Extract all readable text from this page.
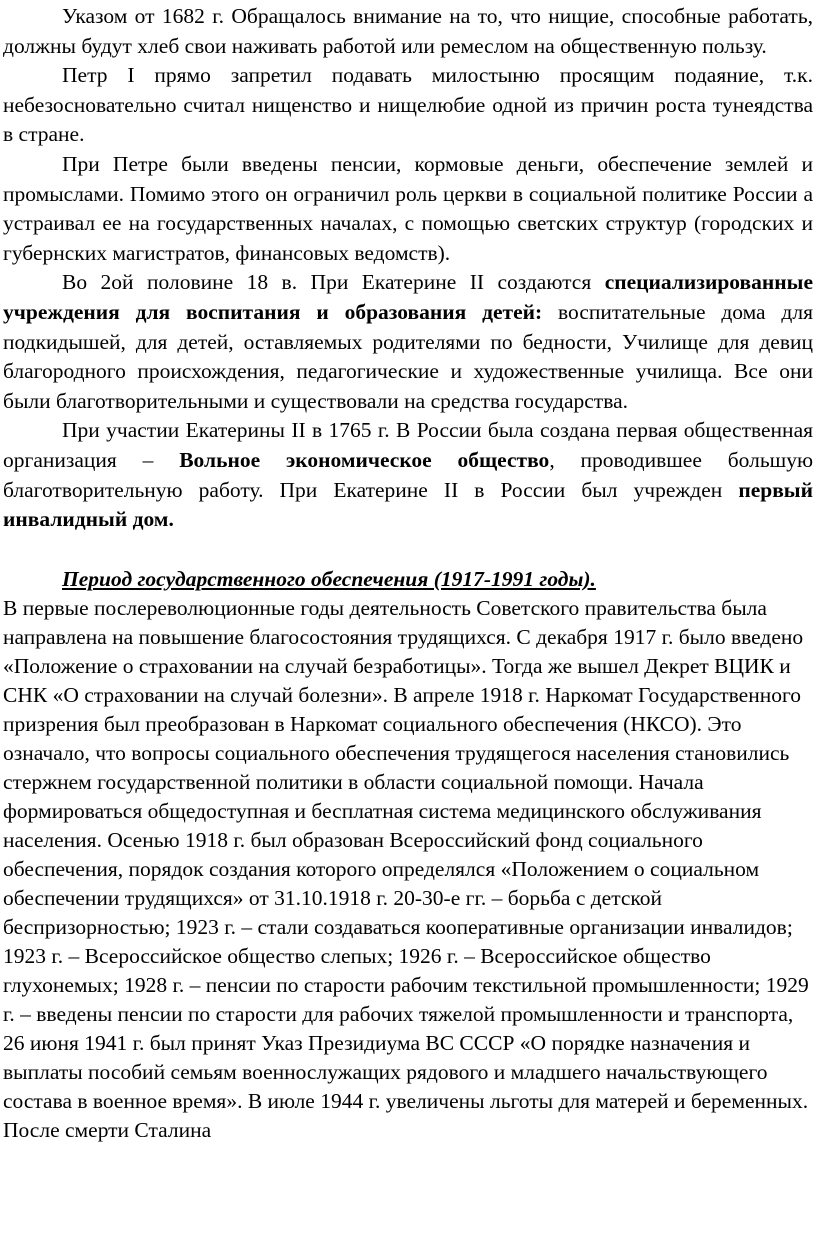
Указом от 1682 г. Обращалось внимание на то, что нищие, способные работать, должны будут хлеб свои наживать работой или ремеслом на общественную пользу.

Петр I прямо запретил подавать милостыню просящим подаяние, т.к. небезосновательно считал нищенство и нищелюбие одной из причин роста тунеядства в стране.

При Петре были введены пенсии, кормовые деньги, обеспечение землей и промыслами. Помимо этого он ограничил роль церкви в социальной политике России а устраивал ее на государственных началах, с помощью светских структур (городских и губернских магистратов, финансовых ведомств).

Во 2ой половине 18 в. При Екатерине II создаются специализированные учреждения для воспитания и образования детей: воспитательные дома для подкидышей, для детей, оставляемых родителями по бедности, Училище для девиц благородного происхождения, педагогические и художественные училища. Все они были благотворительными и существовали на средства государства.

При участии Екатерины II в 1765 г. В России была создана первая общественная организация – Вольное экономическое общество, проводившее большую благотворительную работу. При Екатерине II в России был учрежден первый инвалидный дом.

Период государственного обеспечения (1917-1991 годы).

В первые послереволюционные годы деятельность Советского правительства была направлена на повышение благосостояния трудящихся. С декабря 1917 г. было введено «Положение о страховании на случай безработицы». Тогда же вышел Декрет ВЦИК и СНК «О страховании на случай болезни». В апреле 1918 г. Наркомат Государственного призрения был преобразован в Наркомат социального обеспечения (НКСО). Это означало, что вопросы социального обеспечения трудящегося населения становились стержнем государственной политики в области социальной помощи. Начала формироваться общедоступная и бесплатная система медицинского обслуживания населения. Осенью 1918 г. был образован Всероссийский фонд социального обеспечения, порядок создания которого определялся «Положением о социальном обеспечении трудящихся» от 31.10.1918 г. 20-30-е гг. – борьба с детской беспризорностью; 1923 г. – стали создаваться кооперативные организации инвалидов; 1923 г. – Всероссийское общество слепых; 1926 г. – Всероссийское общество глухонемых; 1928 г. – пенсии по старости рабочим текстильной промышленности; 1929 г. – введены пенсии по старости для рабочих тяжелой промышленности и транспорта, 26 июня 1941 г. был принят Указ Президиума ВС СССР «О порядке назначения и выплаты пособий семьям военнослужащих рядового и младшего начальствующего состава в военное время». В июле 1944 г. увеличены льготы для матерей и беременных. После смерти Сталина
